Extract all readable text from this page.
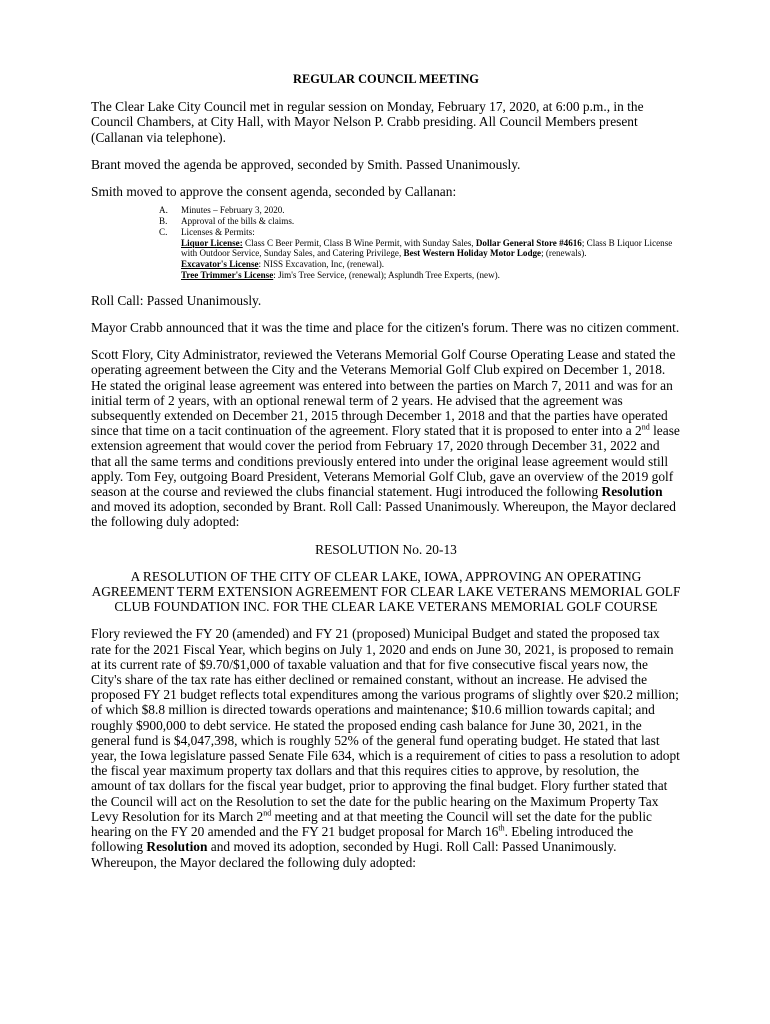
REGULAR COUNCIL MEETING

The Clear Lake City Council met in regular session on Monday, February 17, 2020, at 6:00 p.m., in the Council Chambers, at City Hall, with Mayor Nelson P. Crabb presiding. All Council Members present (Callanan via telephone).

Brant moved the agenda be approved, seconded by Smith. Passed Unanimously.

Smith moved to approve the consent agenda, seconded by Callanan:

A. Minutes – February 3, 2020.
B. Approval of the bills & claims.
C. Licenses & Permits:
Liquor License: Class C Beer Permit, Class B Wine Permit, with Sunday Sales, Dollar General Store #4616; Class B Liquor License with Outdoor Service, Sunday Sales, and Catering Privilege, Best Western Holiday Motor Lodge; (renewals).
Excavator's License: NISS Excavation, Inc, (renewal).
Tree Trimmer's License: Jim's Tree Service, (renewal); Asplundh Tree Experts, (new).

Roll Call: Passed Unanimously.

Mayor Crabb announced that it was the time and place for the citizen's forum. There was no citizen comment.

Scott Flory, City Administrator, reviewed the Veterans Memorial Golf Course Operating Lease and stated the operating agreement between the City and the Veterans Memorial Golf Club expired on December 1, 2018. He stated the original lease agreement was entered into between the parties on March 7, 2011 and was for an initial term of 2 years, with an optional renewal term of 2 years. He advised that the agreement was subsequently extended on December 21, 2015 through December 1, 2018 and that the parties have operated since that time on a tacit continuation of the agreement. Flory stated that it is proposed to enter into a 2nd lease extension agreement that would cover the period from February 17, 2020 through December 31, 2022 and that all the same terms and conditions previously entered into under the original lease agreement would still apply. Tom Fey, outgoing Board President, Veterans Memorial Golf Club, gave an overview of the 2019 golf season at the course and reviewed the clubs financial statement. Hugi introduced the following Resolution and moved its adoption, seconded by Brant. Roll Call: Passed Unanimously. Whereupon, the Mayor declared the following duly adopted:

RESOLUTION No. 20-13

A RESOLUTION OF THE CITY OF CLEAR LAKE, IOWA, APPROVING AN OPERATING AGREEMENT TERM EXTENSION AGREEMENT FOR CLEAR LAKE VETERANS MEMORIAL GOLF CLUB FOUNDATION INC. FOR THE CLEAR LAKE VETERANS MEMORIAL GOLF COURSE

Flory reviewed the FY 20 (amended) and FY 21 (proposed) Municipal Budget and stated the proposed tax rate for the 2021 Fiscal Year, which begins on July 1, 2020 and ends on June 30, 2021, is proposed to remain at its current rate of $9.70/$1,000 of taxable valuation and that for five consecutive fiscal years now, the City's share of the tax rate has either declined or remained constant, without an increase. He advised the proposed FY 21 budget reflects total expenditures among the various programs of slightly over $20.2 million; of which $8.8 million is directed towards operations and maintenance; $10.6 million towards capital; and roughly $900,000 to debt service. He stated the proposed ending cash balance for June 30, 2021, in the general fund is $4,047,398, which is roughly 52% of the general fund operating budget. He stated that last year, the Iowa legislature passed Senate File 634, which is a requirement of cities to pass a resolution to adopt the fiscal year maximum property tax dollars and that this requires cities to approve, by resolution, the amount of tax dollars for the fiscal year budget, prior to approving the final budget. Flory further stated that the Council will act on the Resolution to set the date for the public hearing on the Maximum Property Tax Levy Resolution for its March 2nd meeting and at that meeting the Council will set the date for the public hearing on the FY 20 amended and the FY 21 budget proposal for March 16th. Ebeling introduced the following Resolution and moved its adoption, seconded by Hugi. Roll Call: Passed Unanimously. Whereupon, the Mayor declared the following duly adopted:
